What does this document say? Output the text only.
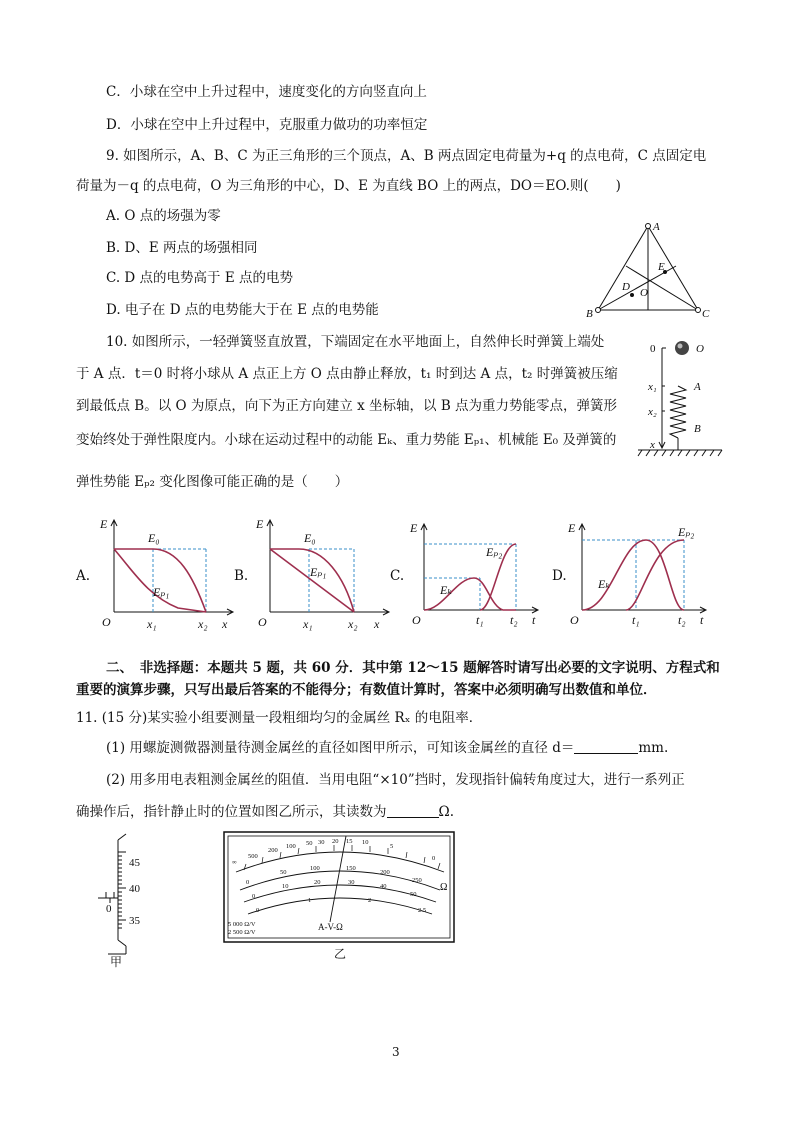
C．小球在空中上升过程中，速度变化的方向竖直向上
D．小球在空中上升过程中，克服重力做功的功率恒定
9. 如图所示，A、B、C 为正三角形的三个顶点，A、B 两点固定电荷量为+q 的点电荷，C 点固定电
荷量为－q 的点电荷，O 为三角形的中心，D、E 为直线 BO 上的两点，DO＝EO.则(　　)
A. O 点的场强为零
B. D、E 两点的场强相同
C. D 点的电势高于 E 点的电势
D. 电子在 D 点的电势能大于在 E 点的电势能
A
B	C
D
E
O
10. 如图所示，一轻弹簧竖直放置，下端固定在水平地面上，自然伸长时弹簧上端处
于 A 点．t＝0 时将小球从 A 点正上方 O 点由静止释放，t₁ 时到达 A 点，t₂ 时弹簧被压缩
到最低点 B。以 O 为原点，向下为正方向建立 x 坐标轴，以 B 点为重力势能零点，弹簧形
变始终处于弹性限度内。小球在运动过程中的动能 Eₖ、重力势能 Eₚ₁、机械能 E₀ 及弹簧的
弹性势能 Eₚ₂ 变化图像可能正确的是（　　）
0	O
x₁
x₂
x
A
B
A.
E
E₀
Eₚ₁
O	x₁	x₂ x
B.
E
E₀
Eₚ₁
O	x₁	x₂ x
C.
E
Eₚ₂
Eₖ
O	t₁ t₂ t
D.
E	Eₚ₂
Eₖ
O	t₁	t₂ t
二、　非选择题：本题共 5 题，共 60 分．其中第 12～15 题解答时请写出必要的文字说明、方程式和
重要的演算步骤，只写出最后答案的不能得分；有数值计算时，答案中必须明确写出数值和单位．
11. (15 分)某实验小组要测量一段粗细均匀的金属丝 Rₓ 的电阻率．
(1) 用螺旋测微器测量待测金属丝的直径如图甲所示，可知该金属丝的直径 d＝	mm.
(2) 用多用电表粗测金属丝的阻值．当用电阻“×10”挡时，发现指针偏转角度过大，进行一系列正
确操作后，指针静止时的位置如图乙所示，其读数为	Ω.
45
40
35
0
甲
∞
500
200
100 50 30 20 15 10
5
0
0
50
100	150
200
250
0
10
20	30
40
50
0
1	2
2.5
5 000 Ω/V
2 500 Ω/V
A-V-Ω
Ω
乙
3
